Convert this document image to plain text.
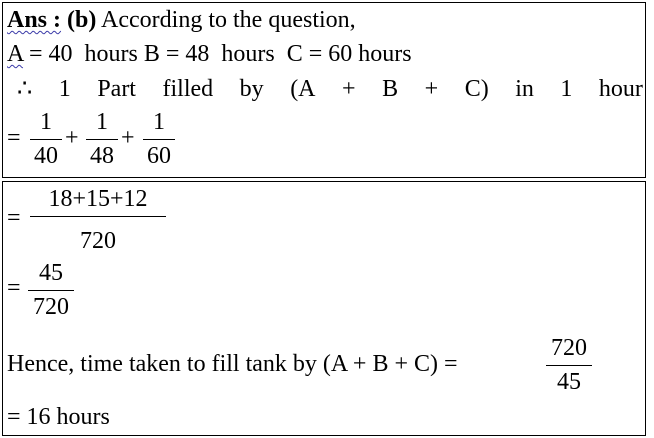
Ans : (b) According to the question,
A = 40  hours B = 48  hours  C = 60 hours
∴ 1 Part filled by (A + B + C) in 1 hour
=
1
40
+
1
48
+
1
60
=
18+15+12
720
=
45
720
Hence, time taken to fill tank by (A + B + C) =
720
45
= 16 hours
